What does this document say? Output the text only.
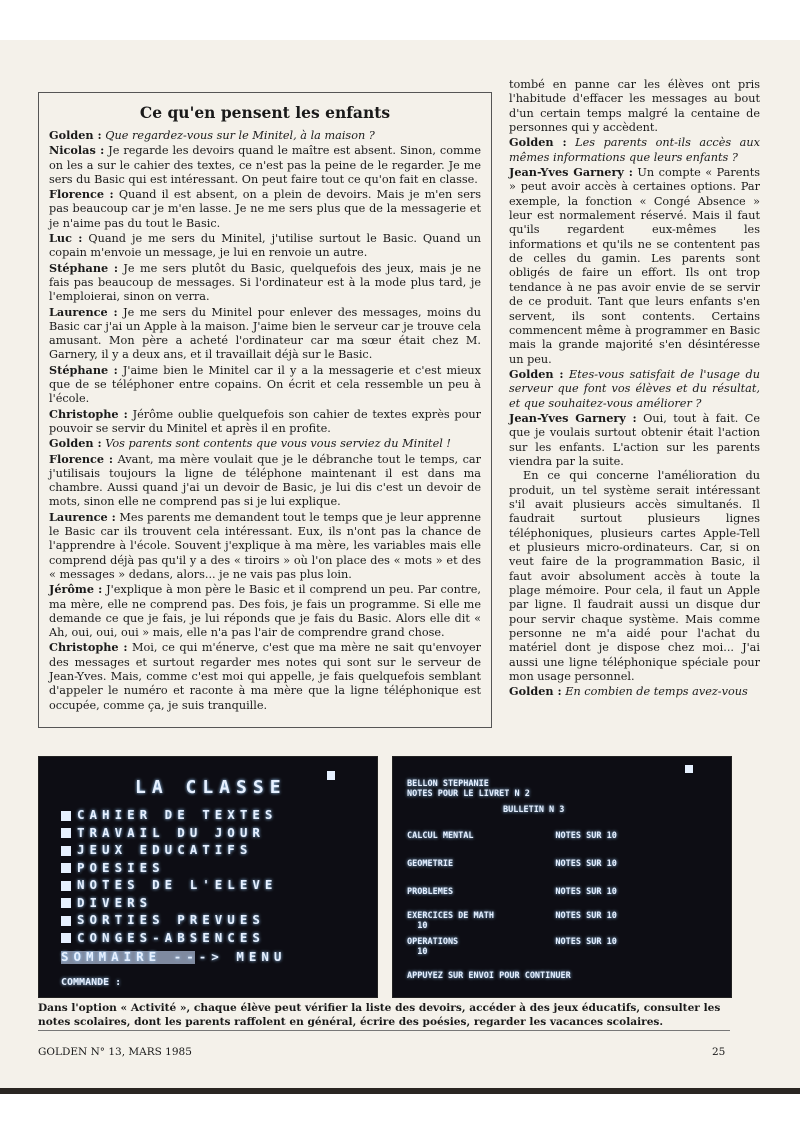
Ce qu'en pensent les enfants

Golden : Que regardez-vous sur le Minitel, à la maison ?

Nicolas : Je regarde les devoirs quand le maître est absent. Sinon, comme on les a sur le cahier des textes, ce n'est pas la peine de le regarder. Je me sers du Basic qui est intéressant. On peut faire tout ce qu'on fait en classe.

Florence : Quand il est absent, on a plein de devoirs. Mais je m'en sers pas beaucoup car je m'en lasse. Je ne me sers plus que de la messagerie et je n'aime pas du tout le Basic.

Luc : Quand je me sers du Minitel, j'utilise surtout le Basic. Quand un copain m'envoie un message, je lui en renvoie un autre.

Stéphane : Je me sers plutôt du Basic, quelquefois des jeux, mais je ne fais pas beaucoup de messages. Si l'ordinateur est à la mode plus tard, je l'emploierai, sinon on verra.

Laurence : Je me sers du Minitel pour enlever des messages, moins du Basic car j'ai un Apple à la maison. J'aime bien le serveur car je trouve cela amusant. Mon père a acheté l'ordinateur car ma sœur était chez M. Garnery, il y a deux ans, et il travaillait déjà sur le Basic.

Stéphane : J'aime bien le Minitel car il y a la messagerie et c'est mieux que de se téléphoner entre copains. On écrit et cela ressemble un peu à l'école.

Christophe : Jérôme oublie quelquefois son cahier de textes exprès pour pouvoir se servir du Minitel et après il en profite.

Golden : Vos parents sont contents que vous vous serviez du Minitel !

Florence : Avant, ma mère voulait que je le débranche tout le temps, car j'utilisais toujours la ligne de téléphone maintenant il est dans ma chambre. Aussi quand j'ai un devoir de Basic, je lui dis c'est un devoir de mots, sinon elle ne comprend pas si je lui explique.

Laurence : Mes parents me demandent tout le temps que je leur apprenne le Basic car ils trouvent cela intéressant. Eux, ils n'ont pas la chance de l'apprendre à l'école. Souvent j'explique à ma mère, les variables mais elle comprend déjà pas qu'il y a des « tiroirs » où l'on place des « mots » et des « messages » dedans, alors... je ne vais pas plus loin.

Jérôme : J'explique à mon père le Basic et il comprend un peu. Par contre, ma mère, elle ne comprend pas. Des fois, je fais un programme. Si elle me demande ce que je fais, je lui réponds que je fais du Basic. Alors elle dit « Ah, oui, oui, oui » mais, elle n'a pas l'air de comprendre grand chose.

Christophe : Moi, ce qui m'énerve, c'est que ma mère ne sait qu'envoyer des messages et surtout regarder mes notes qui sont sur le serveur de Jean-Yves. Mais, comme c'est moi qui appelle, je fais quelquefois semblant d'appeler le numéro et raconte à ma mère que la ligne téléphonique est occupée, comme ça, je suis tranquille.

tombé en panne car les élèves ont pris l'habitude d'effacer les messages au bout d'un certain temps malgré la centaine de personnes qui y accèdent.

Golden : Les parents ont-ils accès aux mêmes informations que leurs enfants ?

Jean-Yves Garnery : Un compte « Parents » peut avoir accès à certaines options. Par exemple, la fonction « Congé Absence » leur est normalement réservé. Mais il faut qu'ils regardent eux-mêmes les informations et qu'ils ne se contentent pas de celles du gamin. Les parents sont obligés de faire un effort. Ils ont trop tendance à ne pas avoir envie de se servir de ce produit. Tant que leurs enfants s'en servent, ils sont contents. Certains commencent même à programmer en Basic mais la grande majorité s'en désintéresse un peu.

Golden : Etes-vous satisfait de l'usage du serveur que font vos élèves et du résultat, et que souhaitez-vous améliorer ?

Jean-Yves Garnery : Oui, tout à fait. Ce que je voulais surtout obtenir était l'action sur les enfants. L'action sur les parents viendra par la suite.

En ce qui concerne l'amélioration du produit, un tel système serait intéressant s'il avait plusieurs accès simultanés. Il faudrait surtout plusieurs lignes téléphoniques, plusieurs cartes Apple-Tell et plusieurs micro-ordinateurs. Car, si on veut faire de la programmation Basic, il faut avoir absolument accès à toute la plage mémoire. Pour cela, il faut un Apple par ligne. Il faudrait aussi un disque dur pour servir chaque système. Mais comme personne ne m'a aidé pour l'achat du matériel dont je dispose chez moi... J'ai aussi une ligne téléphonique spéciale pour mon usage personnel.

Golden : En combien de temps avez-vous

LA CLASSE
CAHIER DE TEXTES
TRAVAIL DU JOUR
JEUX EDUCATIFS
POESIES
NOTES DE L'ELEVE
DIVERS
SORTIES PREVUES
CONGES-ABSENCES
SOMMAIRE ---> MENU
COMMANDE :
BELLON STEPHANIE
NOTES POUR LE LIVRET N 2
BULLETIN N 3
CALCUL MENTAL                NOTES SUR 10
GEOMETRIE                    NOTES SUR 10
PROBLEMES                    NOTES SUR 10
EXERCICES DE MATH            NOTES SUR 10
10
OPERATIONS                   NOTES SUR 10
10
APPUYEZ SUR ENVOI POUR CONTINUER
Dans l'option « Activité », chaque élève peut vérifier la liste des devoirs, accéder à des jeux éducatifs, consulter les notes scolaires, dont les parents raffolent en général, écrire des poésies, regarder les vacances scolaires.
GOLDEN N° 13, MARS 1985	25
